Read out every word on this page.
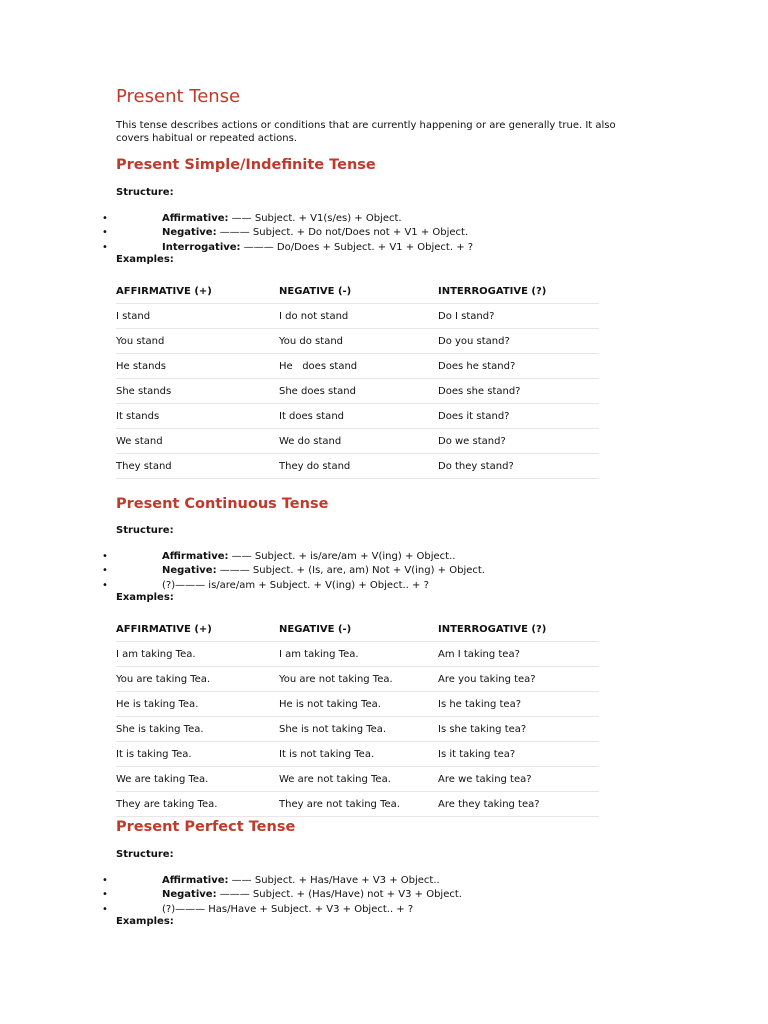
Present Tense

This tense describes actions or conditions that are currently happening or are generally true. It also covers habitual or repeated actions.

Present Simple/Indefinite Tense
Structure:
•	Affirmative: —— Subject. + V1(s/es) + Object.
•	Negative: ——— Subject. + Do not/Does not + V1 + Object.
•	Interrogative: ——— Do/Does + Subject. + V1 + Object. + ?
Examples:
AFFIRMATIVE (+)	NEGATIVE (-)	INTERROGATIVE (?)
I stand	I do not stand	Do I stand?
You stand	You do stand	Do you stand?
He stands	He   does stand	Does he stand?
She stands	She does stand	Does she stand?
It stands	It does stand	Does it stand?
We stand	We do stand	Do we stand?
They stand	They do stand	Do they stand?
Present Continuous Tense
Structure:
•	Affirmative: —— Subject. + is/are/am + V(ing) + Object..
•	Negative: ——— Subject. + (Is, are, am) Not + V(ing) + Object.
•	(?)——— is/are/am + Subject. + V(ing) + Object.. + ?
Examples:
AFFIRMATIVE (+)	NEGATIVE (-)	INTERROGATIVE (?)
I am taking Tea.	I am taking Tea.	Am I taking tea?
You are taking Tea.	You are not taking Tea.	Are you taking tea?
He is taking Tea.	He is not taking Tea.	Is he taking tea?
She is taking Tea.	She is not taking Tea.	Is she taking tea?
It is taking Tea.	It is not taking Tea.	Is it taking tea?
We are taking Tea.	We are not taking Tea.	Are we taking tea?
They are taking Tea.	They are not taking Tea.	Are they taking tea?
Present Perfect Tense
Structure:
•	Affirmative: —— Subject. + Has/Have + V3 + Object..
•	Negative: ——— Subject. + (Has/Have) not + V3 + Object.
•	(?)——— Has/Have + Subject. + V3 + Object.. + ?
Examples:
